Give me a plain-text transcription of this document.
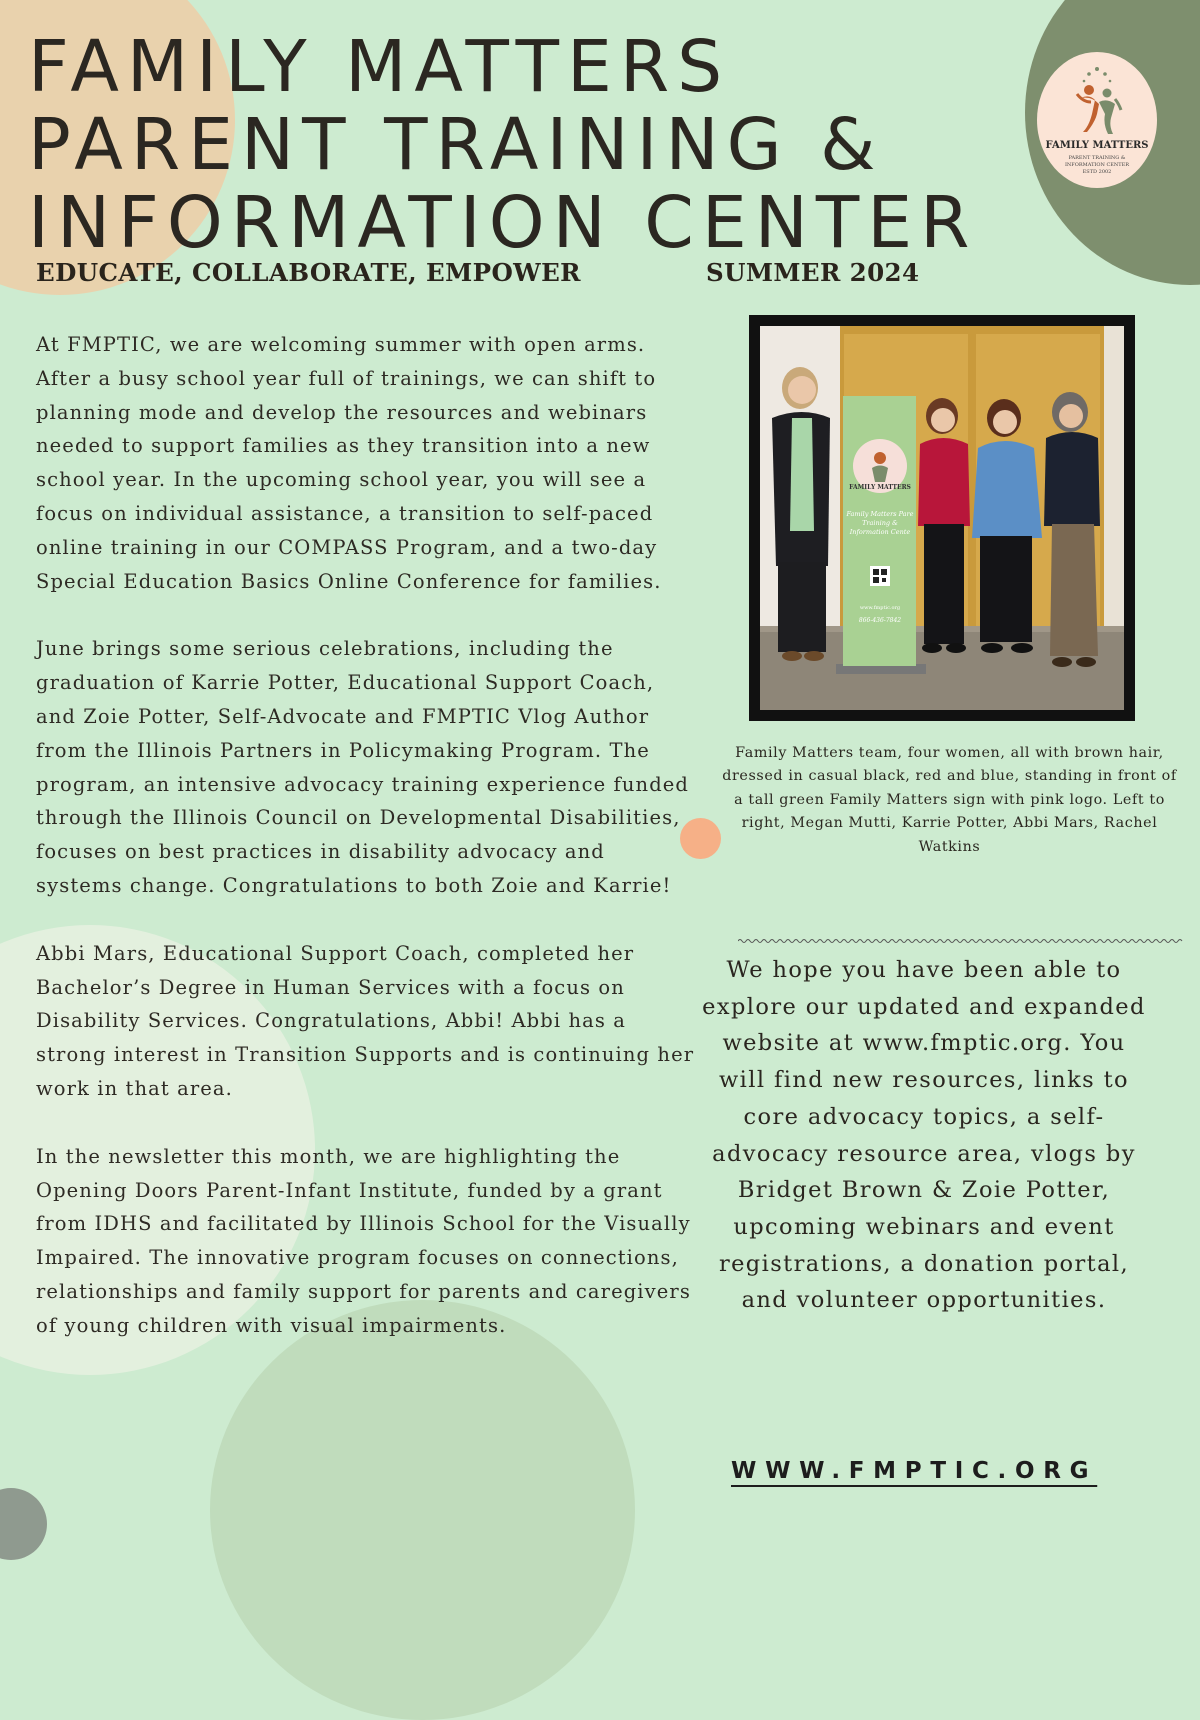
FAMILY MATTERS
PARENT TRAINING &
INFORMATION CENTER
EDUCATE, COLLABORATE, EMPOWER	SUMMER 2024
FAMILY MATTERS
PARENT TRAINING & INFORMATION CENTER
ESTD 2002

At FMPTIC, we are welcoming summer with open arms. After a busy school year full of trainings, we can shift to planning mode and develop the resources and webinars needed to support families as they transition into a new school year. In the upcoming school year, you will see a focus on individual assistance, a transition to self-paced online training in our COMPASS Program, and a two-day Special Education Basics Online Conference for families.

June brings some serious celebrations, including the graduation of Karrie Potter, Educational Support Coach, and Zoie Potter, Self-Advocate and FMPTIC Vlog Author from the Illinois Partners in Policymaking Program. The program, an intensive advocacy training experience funded through the Illinois Council on Developmental Disabilities, focuses on best practices in disability advocacy and systems change. Congratulations to both Zoie and Karrie!

Abbi Mars, Educational Support Coach, completed her Bachelor’s Degree in Human Services with a focus on Disability Services. Congratulations, Abbi! Abbi has a strong interest in Transition Supports and is continuing her work in that area.

In the newsletter this month, we are highlighting the Opening Doors Parent-Infant Institute, funded by a grant from IDHS and facilitated by Illinois School for the Visually Impaired. The innovative program focuses on connections, relationships and family support for parents and caregivers of young children with visual impairments.

FAMILY MATTERS
Family Matters Pare
Training &
Information Cente
www.fmptic.org
866-436-7842

Family Matters team, four women, all with brown hair, dressed in casual black, red and blue, standing in front of a tall green Family Matters sign with pink logo. Left to right, Megan Mutti, Karrie Potter, Abbi Mars, Rachel Watkins

We hope you have been able to explore our updated and expanded website at www.fmptic.org. You will find new resources, links to core advocacy topics, a self-advocacy resource area, vlogs by Bridget Brown & Zoie Potter, upcoming webinars and event registrations, a donation portal, and volunteer opportunities.

WWW.FMPTIC.ORG
